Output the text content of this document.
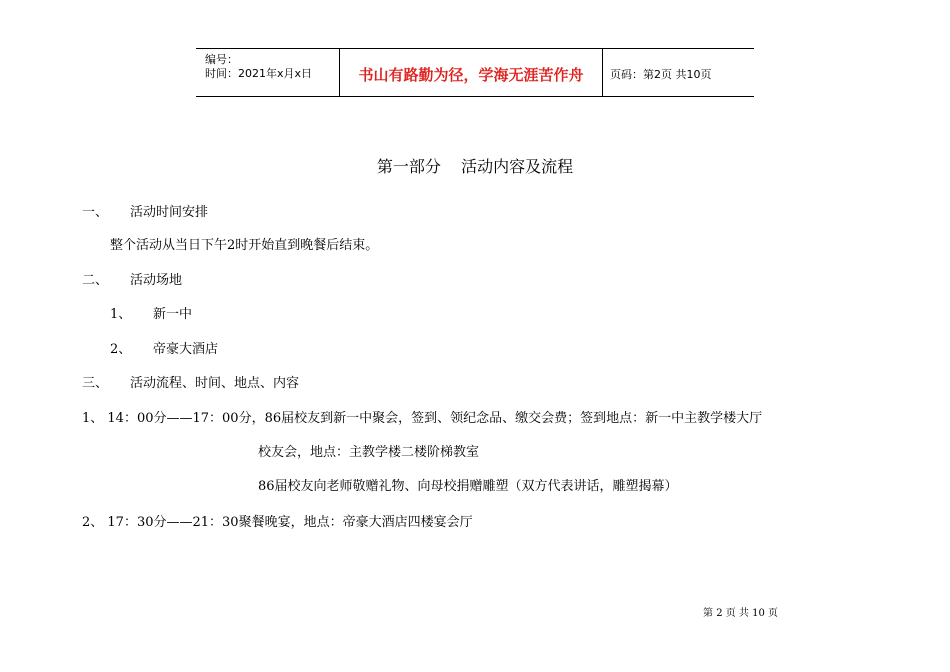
编号：
时间：2021年x月x日	书山有路勤为径，学海无涯苦作舟	页码：第2页 共10页
第一部分    活动内容及流程
一、 活动时间安排
整个活动从当日下午2时开始直到晚餐后结束。
二、 活动场地
1、 新一中
2、 帝豪大酒店
三、 活动流程、时间、地点、内容
1、 14：00分——17：00分，86届校友到新一中聚会，签到、领纪念品、缴交会费；签到地点：新一中主教学楼大厅
校友会，地点：主教学楼二楼阶梯教室
86届校友向老师敬赠礼物、向母校捐赠雕塑（双方代表讲话，雕塑揭幕）
2、 17：30分——21：30聚餐晚宴，地点：帝豪大酒店四楼宴会厅
第 2 页 共 10 页
